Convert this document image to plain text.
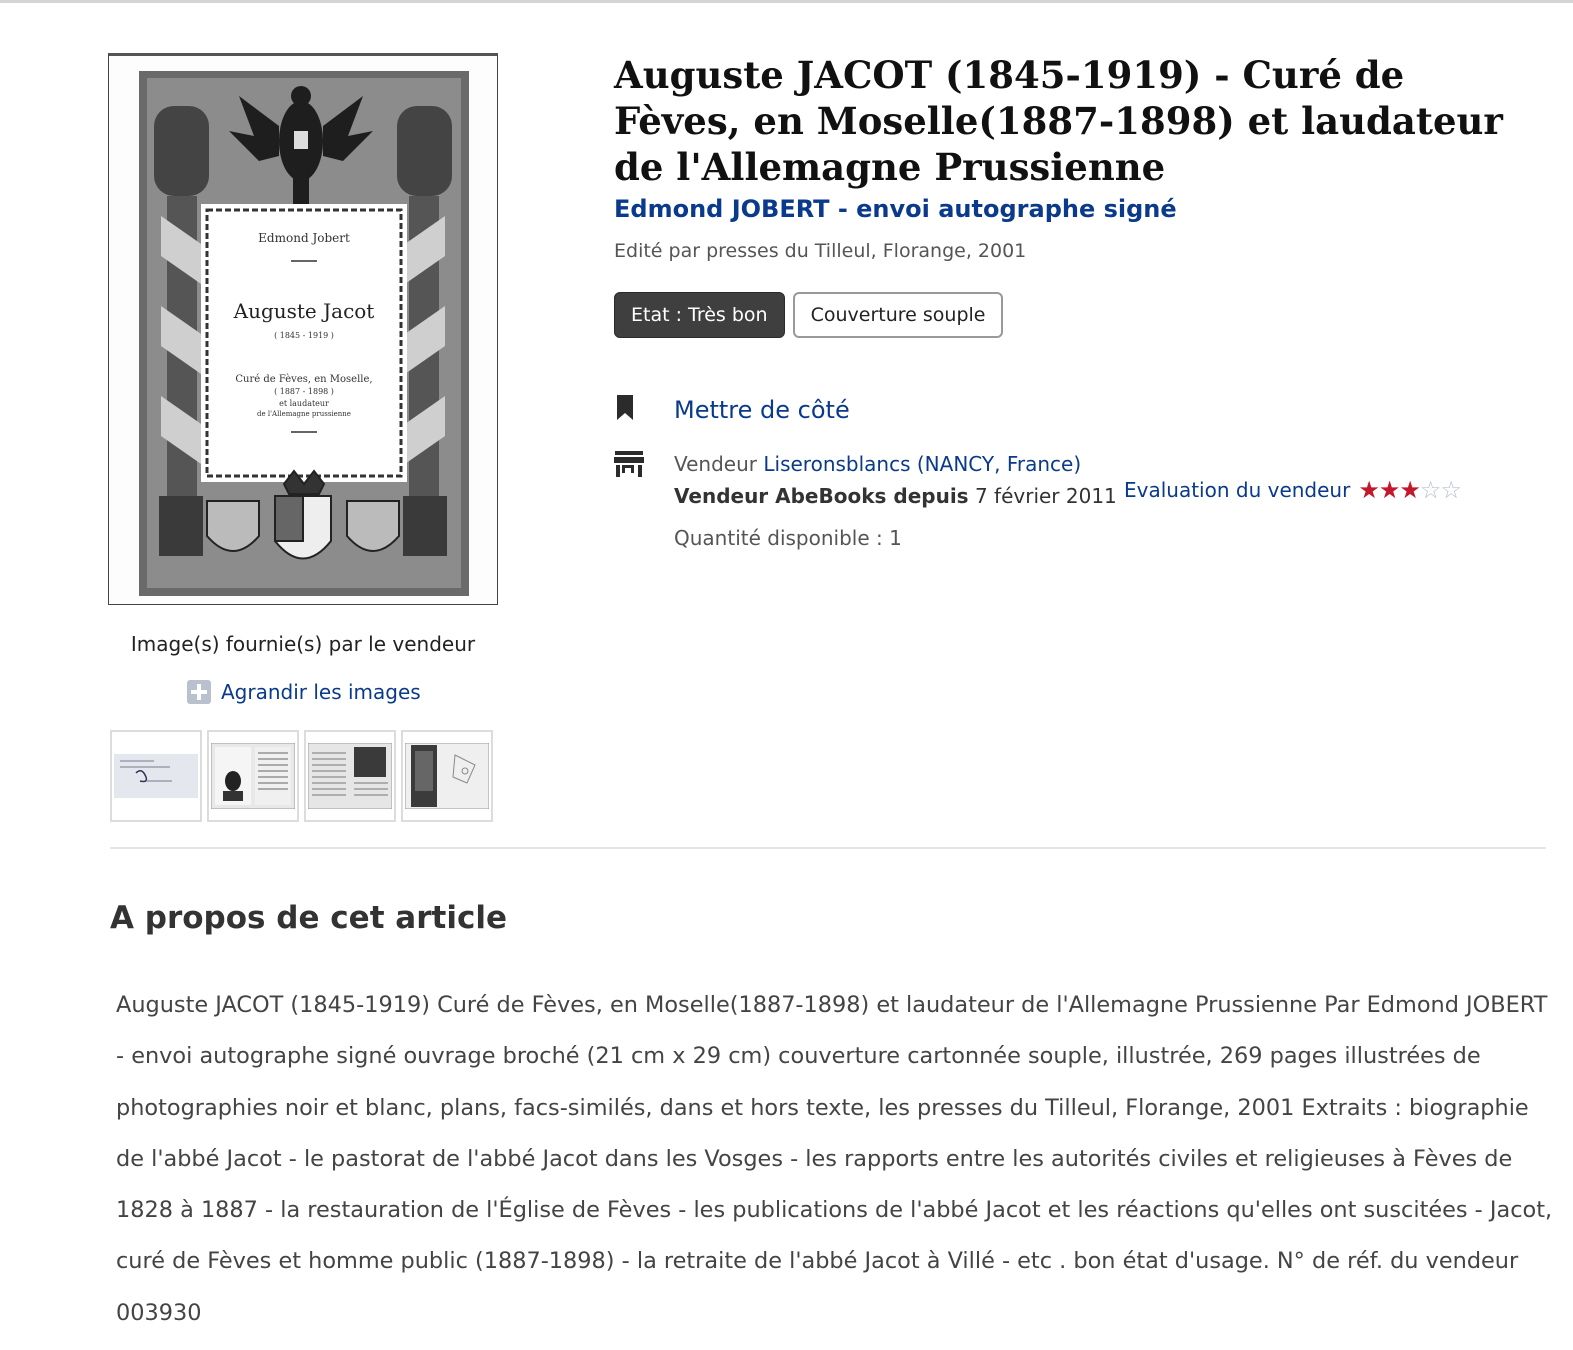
Edmond Jobert
Auguste Jacot
( 1845 - 1919 )
Curé de Fèves, en Moselle,
( 1887 - 1898 )
et laudateur
de l'Allemagne prussienne
Image(s) fournie(s) par le vendeur
Agrandir les images
Auguste JACOT (1845-1919) - Curé de Fèves, en Moselle(1887-1898) et laudateur de l'Allemagne Prussienne
Edmond JOBERT - envoi autographe signé
Edité par presses du Tilleul, Florange, 2001
Etat : Très bon	Couverture souple
Mettre de côté
Vendeur Liseronsblancs (NANCY, France)
Vendeur AbeBooks depuis 7 février 2011
Quantité disponible : 1
Evaluation du vendeur ★ ★ ★ ☆ ☆
A propos de cet article

Auguste JACOT (1845-1919) Curé de Fèves, en Moselle(1887-1898) et laudateur de l'Allemagne Prussienne Par Edmond JOBERT - envoi autographe signé ouvrage broché (21 cm x 29 cm) couverture cartonnée souple, illustrée, 269 pages illustrées de photographies noir et blanc, plans, facs-similés, dans et hors texte, les presses du Tilleul, Florange, 2001 Extraits : biographie de l'abbé Jacot - le pastorat de l'abbé Jacot dans les Vosges - les rapports entre les autorités civiles et religieuses à Fèves de 1828 à 1887 - la restauration de l'Église de Fèves - les publications de l'abbé Jacot et les réactions qu'elles ont suscitées - Jacot, curé de Fèves et homme public (1887-1898) - la retraite de l'abbé Jacot à Villé - etc . bon état d'usage. N° de réf. du vendeur 003930
